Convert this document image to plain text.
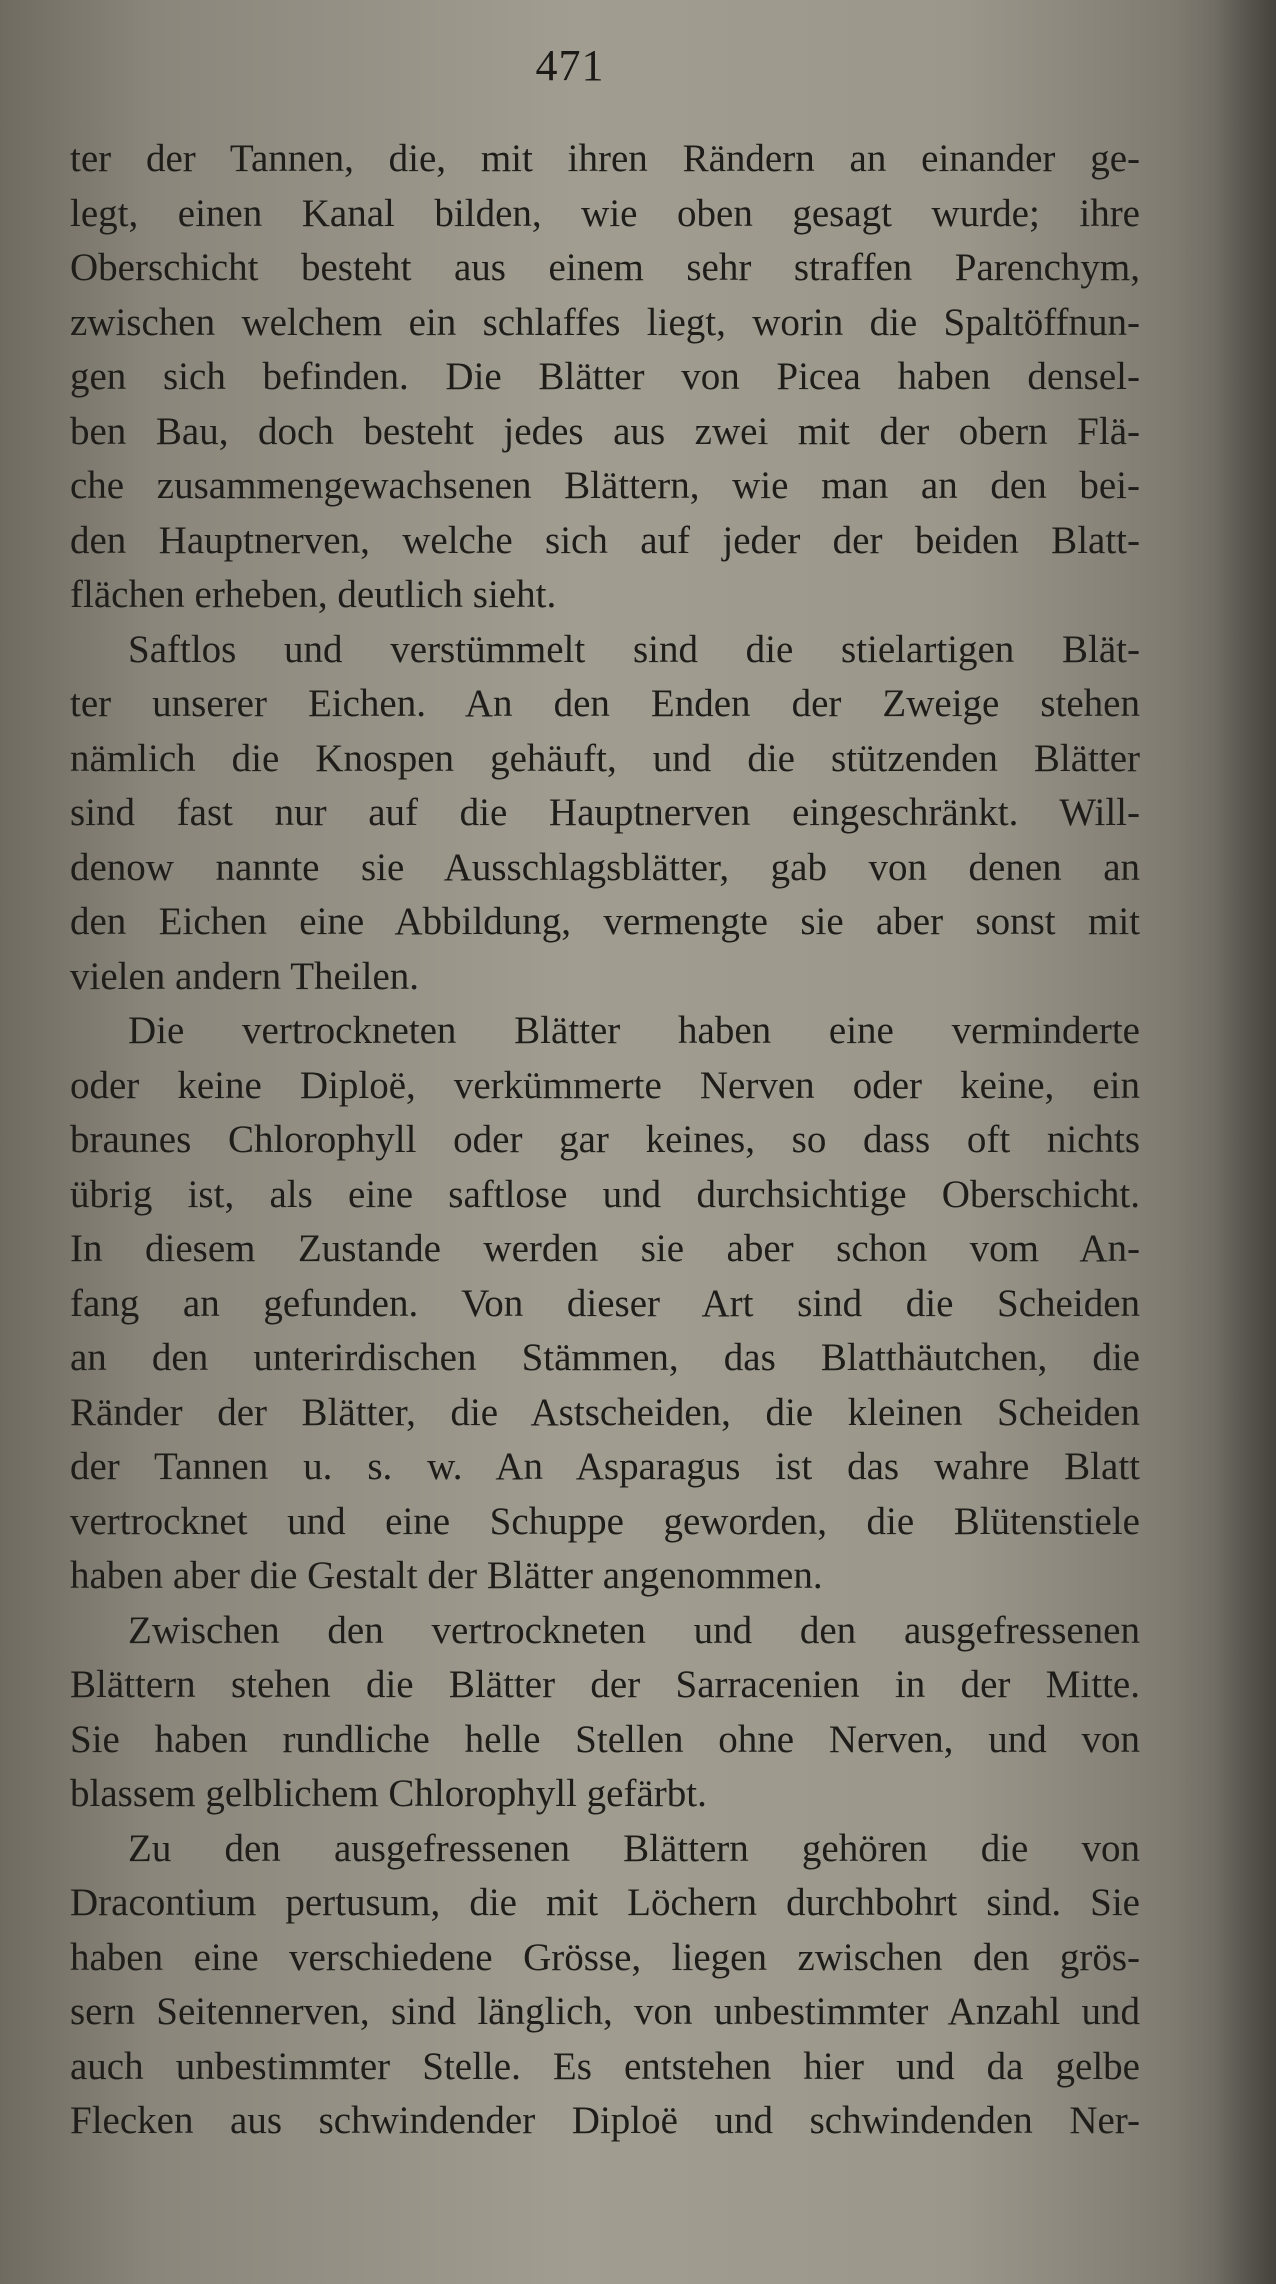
471
ter der Tannen, die, mit ihren Rändern an einander ge-
legt, einen Kanal bilden, wie oben gesagt wurde; ihre
Oberschicht besteht aus einem sehr straffen Parenchym,
zwischen welchem ein schlaffes liegt, worin die Spaltöffnun-
gen sich befinden. Die Blätter von Picea haben densel-
ben Bau, doch besteht jedes aus zwei mit der obern Flä-
che zusammengewachsenen Blättern, wie man an den bei-
den Hauptnerven, welche sich auf jeder der beiden Blatt-
flächen erheben, deutlich sieht.
Saftlos und verstümmelt sind die stielartigen Blät-
ter unserer Eichen. An den Enden der Zweige stehen
nämlich die Knospen gehäuft, und die stützenden Blätter
sind fast nur auf die Hauptnerven eingeschränkt. Will-
denow nannte sie Ausschlagsblätter, gab von denen an
den Eichen eine Abbildung, vermengte sie aber sonst mit
vielen andern Theilen.
Die vertrockneten Blätter haben eine verminderte
oder keine Diploë, verkümmerte Nerven oder keine, ein
braunes Chlorophyll oder gar keines, so dass oft nichts
übrig ist, als eine saftlose und durchsichtige Oberschicht.
In diesem Zustande werden sie aber schon vom An-
fang an gefunden. Von dieser Art sind die Scheiden
an den unterirdischen Stämmen, das Blatthäutchen, die
Ränder der Blätter, die Astscheiden, die kleinen Scheiden
der Tannen u. s. w. An Asparagus ist das wahre Blatt
vertrocknet und eine Schuppe geworden, die Blütenstiele
haben aber die Gestalt der Blätter angenommen.
Zwischen den vertrockneten und den ausgefressenen
Blättern stehen die Blätter der Sarracenien in der Mitte.
Sie haben rundliche helle Stellen ohne Nerven, und von
blassem gelblichem Chlorophyll gefärbt.
Zu den ausgefressenen Blättern gehören die von
Dracontium pertusum, die mit Löchern durchbohrt sind. Sie
haben eine verschiedene Grösse, liegen zwischen den grös-
sern Seitennerven, sind länglich, von unbestimmter Anzahl und
auch unbestimmter Stelle. Es entstehen hier und da gelbe
Flecken aus schwindender Diploë und schwindenden Ner-
